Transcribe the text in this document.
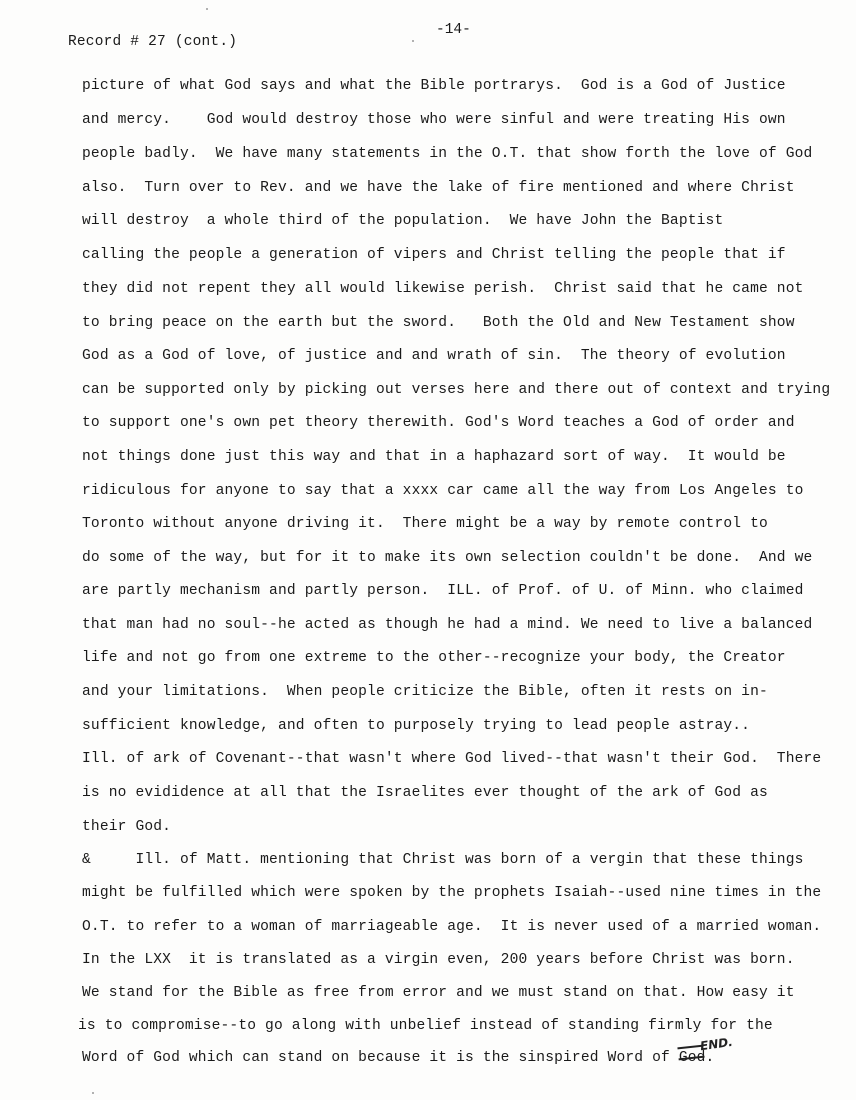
Record # 27 (cont.)
-14-
picture of what God says and what the Bible portrarys.  God is a God of Justice
and mercy.    God would destroy those who were sinful and were treating His own
people badly.  We have many statements in the O.T. that show forth the love of God
also.  Turn over to Rev. and we have the lake of fire mentioned and where Christ
will destroy  a whole third of the population.  We have John the Baptist
calling the people a generation of vipers and Christ telling the people that if
they did not repent they all would likewise perish.  Christ said that he came not
to bring peace on the earth but the sword.   Both the Old and New Testament show
God as a God of love, of justice and and wrath of sin.  The theory of evolution
can be supported only by picking out verses here and there out of context and trying
to support one's own pet theory therewith. God's Word teaches a God of order and
not things done just this way and that in a haphazard sort of way.  It would be
ridiculous for anyone to say that a xxxx car came all the way from Los Angeles to
Toronto without anyone driving it.  There might be a way by remote control to
do some of the way, but for it to make its own selection couldn't be done.  And we
are partly mechanism and partly person.  ILL. of Prof. of U. of Minn. who claimed
that man had no soul--he acted as though he had a mind. We need to live a balanced
life and not go from one extreme to the other--recognize your body, the Creator
and your limitations.  When people criticize the Bible, often it rests on in-
sufficient knowledge, and often to purposely trying to lead people astray..
Ill. of ark of Covenant--that wasn't where God lived--that wasn't their God.  There
is no evididence at all that the Israelites ever thought of the ark of God as
their God.
&     Ill. of Matt. mentioning that Christ was born of a vergin that these things
might be fulfilled which were spoken by the prophets Isaiah--used nine times in the
O.T. to refer to a woman of marriageable age.  It is never used of a married woman.
In the LXX  it is translated as a virgin even, 200 years before Christ was born.
We stand for the Bible as free from error and we must stand on that. How easy it
is to compromise--to go along with unbelief instead of standing firmly for the
Word of God which can stand on because it is the sinspired Word of God.
END.
